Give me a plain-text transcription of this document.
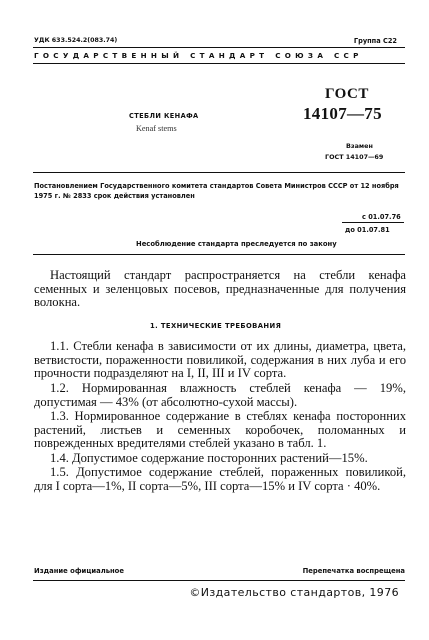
УДК 633.524.2(083.74)	Группа С22
ГОСУДАРСТВЕННЫЙ СТАНДАРТ СОЮЗА ССР
СТЕБЛИ КЕНАФА
Kenaf stems
ГОСТ
14107—75
Взамен
ГОСТ 14107—69
Постановлением Государственного комитета стандартов Совета Министров СССР от 12 ноября 1975 г. № 2833 срок действия установлен
с 01.07.76
до 01.07.81
Несоблюдение стандарта преследуется по закону
Настоящий стандарт распространяется на стебли кенафа семенных и зеленцовых посевов, предназначенные для получения волокна.
1. ТЕХНИЧЕСКИЕ ТРЕБОВАНИЯ
1.1. Стебли кенафа в зависимости от их длины, диаметра, цвета, ветвистости, пораженности повиликой, содержания в них луба и его прочности подразделяют на I, II, III и IV сорта.
1.2. Нормированная влажность стеблей кенафа — 19%, допустимая — 43% (от абсолютно-сухой массы).
1.3. Нормированное содержание в стеблях кенафа посторонних растений, листьев и семенных коробочек, поломанных и поврежденных вредителями стеблей указано в табл. 1.
1.4. Допустимое содержание посторонних растений—15%.
1.5. Допустимое содержание стеблей, пораженных повиликой, для I сорта—1%, II сорта—5%, III сорта—15% и IV сорта · 40%.
Издание официальное	Перепечатка воспрещена
©Издательство стандартов, 1976
